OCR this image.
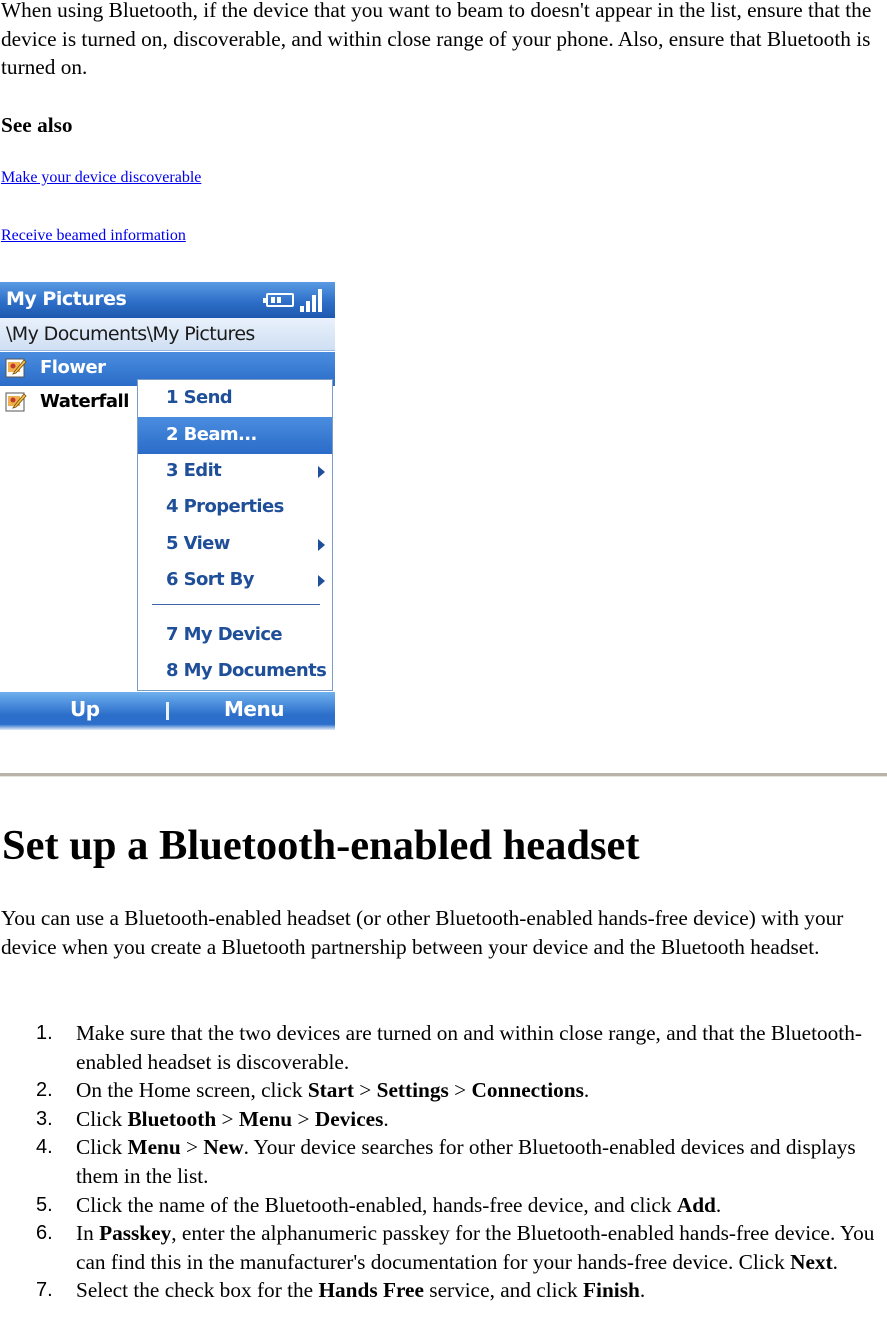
When using Bluetooth, if the device that you want to beam to doesn't appear in the list, ensure that the device is turned on, discoverable, and within close range of your phone. Also, ensure that Bluetooth is turned on.

See also

Make your device discoverable
Receive beamed information
My Pictures
\My Documents\My Pictures
Flower
Waterfall 1 Send
2 Beam...
3 Edit
4 Properties
5 View
6 Sort By
7 My Device
8 My Documents
Up	Menu
Set up a Bluetooth-enabled headset

You can use a Bluetooth-enabled headset (or other Bluetooth-enabled hands-free device) with your device when you create a Bluetooth partnership between your device and the Bluetooth headset.

1. Make sure that the two devices are turned on and within close range, and that the Bluetooth-enabled headset is discoverable.
2. On the Home screen, click Start > Settings > Connections.
3. Click Bluetooth > Menu > Devices.
4. Click Menu > New. Your device searches for other Bluetooth-enabled devices and displays them in the list.
5. Click the name of the Bluetooth-enabled, hands-free device, and click Add.
6. In Passkey, enter the alphanumeric passkey for the Bluetooth-enabled hands-free device. You can find this in the manufacturer's documentation for your hands-free device. Click Next.
7. Select the check box for the Hands Free service, and click Finish.
